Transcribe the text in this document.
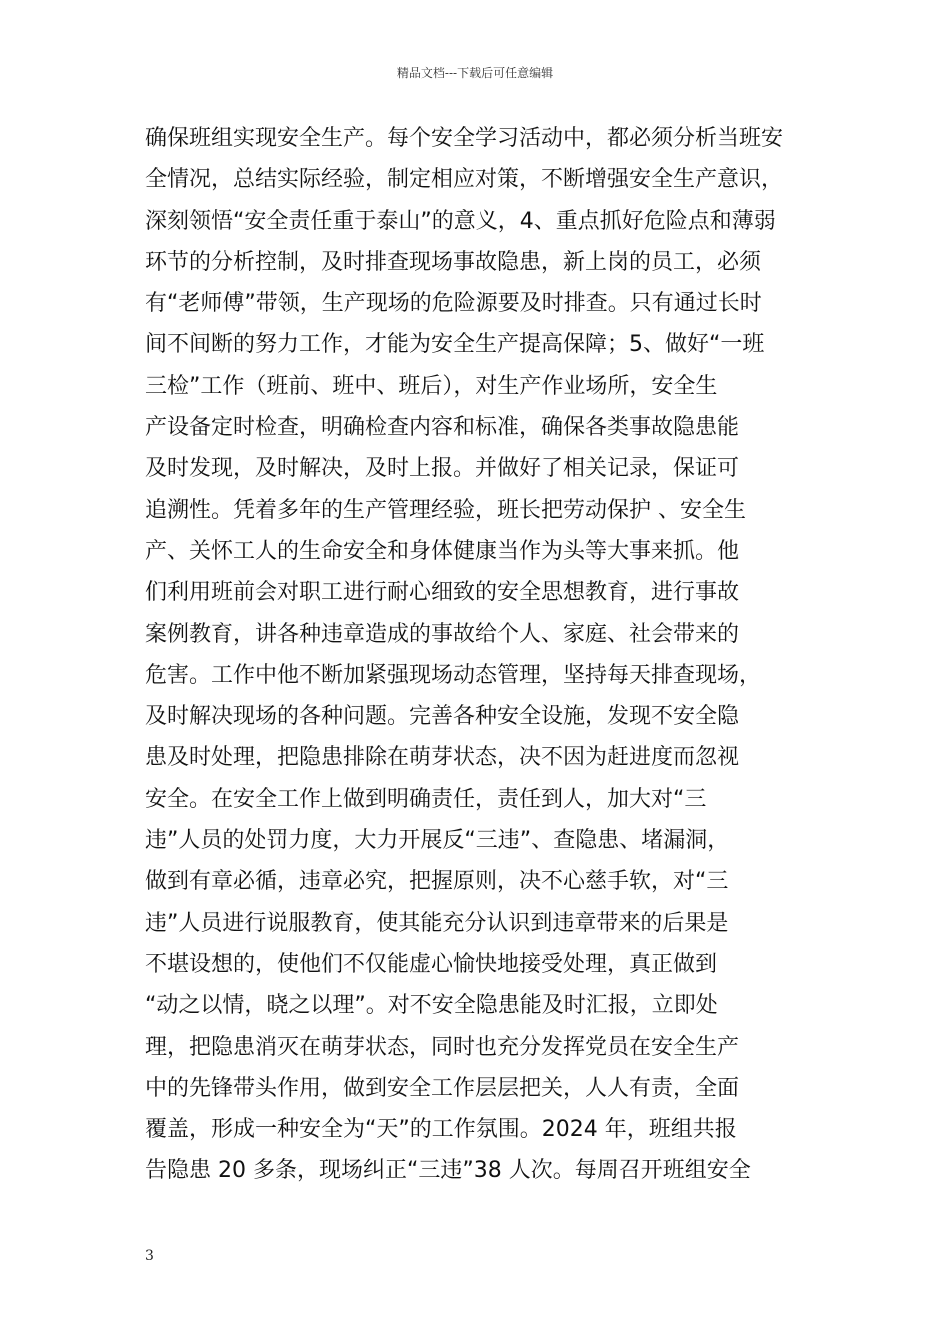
精品文档---下载后可任意编辑
确保班组实现安全生产。每个安全学习活动中，都必须分析当班安
全情况，总结实际经验，制定相应对策，不断增强安全生产意识，
深刻领悟“安全责任重于泰山”的意义，4、重点抓好危险点和薄弱
环节的分析控制，及时排查现场事故隐患，新上岗的员工，必须
有“老师傅”带领，生产现场的危险源要及时排查。只有通过长时
间不间断的努力工作，才能为安全生产提高保障；5、做好“一班
三检”工作（班前、班中、班后），对生产作业场所，安全生
产设备定时检查，明确检查内容和标准，确保各类事故隐患能
及时发现，及时解决，及时上报。并做好了相关记录，保证可
追溯性。凭着多年的生产管理经验，班长把劳动保护 、安全生
产、关怀工人的生命安全和身体健康当作为头等大事来抓。他
们利用班前会对职工进行耐心细致的安全思想教育，进行事故
案例教育，讲各种违章造成的事故给个人、家庭、社会带来的
危害。工作中他不断加紧强现场动态管理，坚持每天排查现场，
及时解决现场的各种问题。完善各种安全设施，发现不安全隐
患及时处理，把隐患排除在萌芽状态，决不因为赶进度而忽视
安全。在安全工作上做到明确责任，责任到人，加大对“三
违”人员的处罚力度，大力开展反“三违”、查隐患、堵漏洞，
做到有章必循，违章必究，把握原则，决不心慈手软，对“三
违”人员进行说服教育，使其能充分认识到违章带来的后果是
不堪设想的，使他们不仅能虚心愉快地接受处理，真正做到
“动之以情，晓之以理”。对不安全隐患能及时汇报，立即处
理，把隐患消灭在萌芽状态，同时也充分发挥党员在安全生产
中的先锋带头作用，做到安全工作层层把关，人人有责，全面
覆盖，形成一种安全为“天”的工作氛围。2024 年，班组共报
告隐患 20 多条，现场纠正“三违”38 人次。每周召开班组安全
3
